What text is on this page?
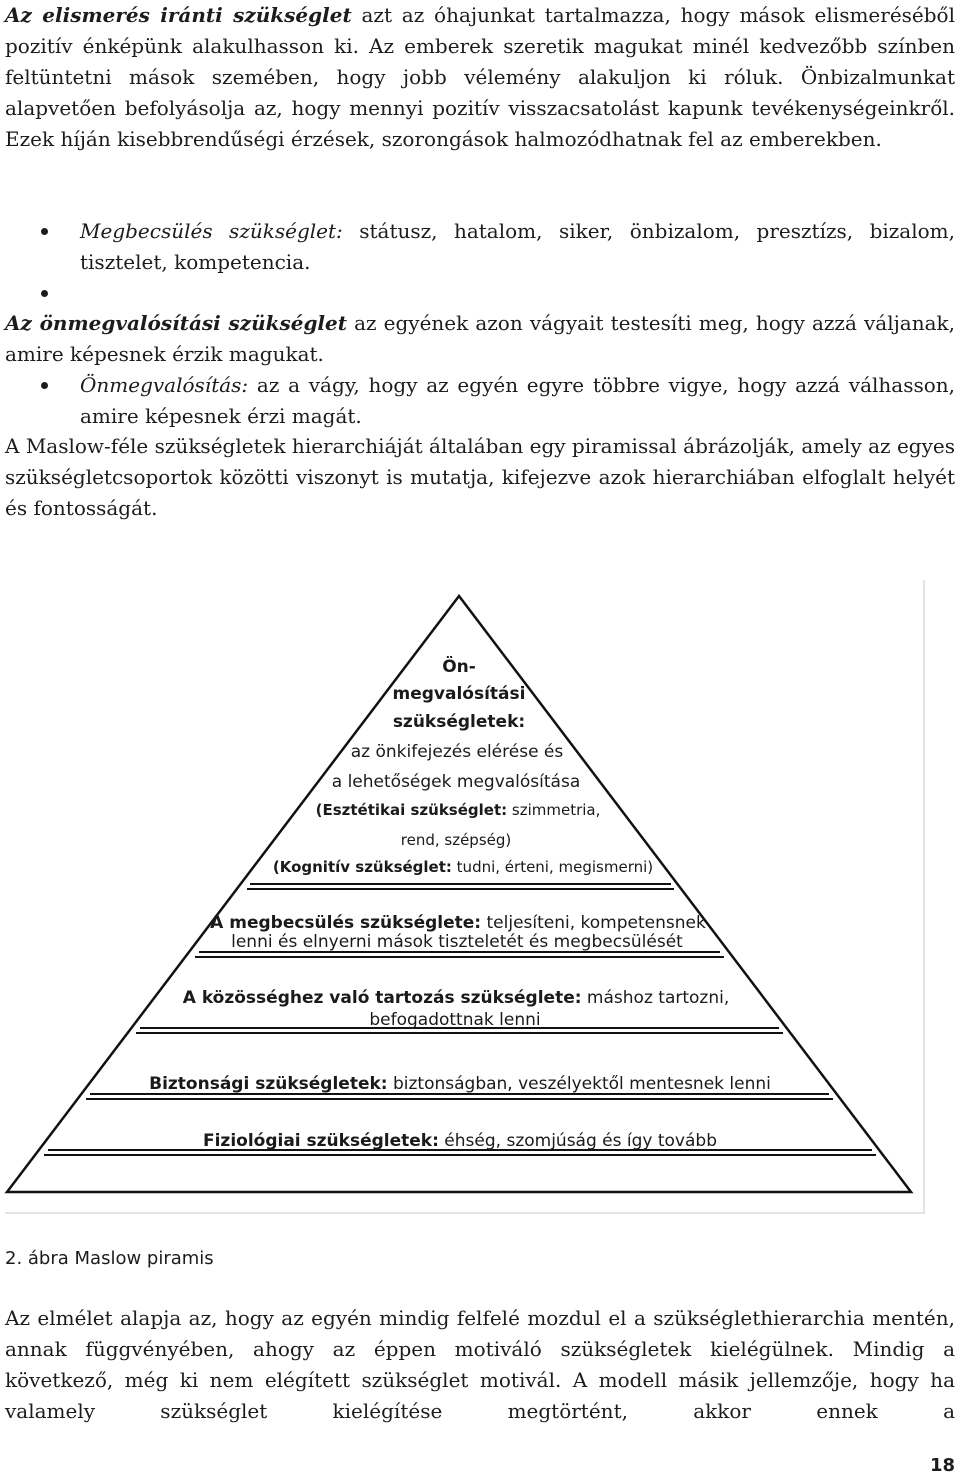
Az elismerés iránti szükséglet azt az óhajunkat tartalmazza, hogy mások elismeréséből pozitív énképünk alakulhasson ki. Az emberek szeretik magukat minél kedvezőbb színben feltüntetni mások szemében, hogy jobb vélemény alakuljon ki róluk. Önbizalmunkat alapvetően befolyásolja az, hogy mennyi pozitív visszacsatolást kapunk tevékenységeinkről. Ezek híján kisebbrendűségi érzések, szorongások halmozódhatnak fel az emberekben.

Megbecsülés szükséglet: státusz, hatalom, siker, önbizalom, presztízs, bizalom, tisztelet, kompetencia.

Az önmegvalósítási szükséglet az egyének azon vágyait testesíti meg, hogy azzá váljanak, amire képesnek érzik magukat.

Önmegvalósítás: az a vágy, hogy az egyén egyre többre vigye, hogy azzá válhasson, amire képesnek érzi magát.

A Maslow-féle szükségletek hierarchiáját általában egy piramissal ábrázolják, amely az egyes szükségletcsoportok közötti viszonyt is mutatja, kifejezve azok hierarchiában elfoglalt helyét és fontosságát.

Ön-
megvalósítási
szükségletek:
az önkifejezés elérése és
a lehetőségek megvalósítása
(Esztétikai szükséglet: szimmetria,
rend, szépség)
(Kognitív szükséglet: tudni, érteni, megismerni)
A megbecsülés szükséglete: teljesíteni, kompetensnek
lenni és elnyerni mások tiszteletét és megbecsülését
A közösséghez való tartozás szükséglete: máshoz tartozni,
befogadottnak lenni
Biztonsági szükségletek: biztonságban, veszélyektől mentesnek lenni
Fiziológiai szükségletek: éhség, szomjúság és így tovább
2. ábra Maslow piramis

Az elmélet alapja az, hogy az egyén mindig felfelé mozdul el a szükséglethierarchia mentén, annak függvényében, ahogy az éppen motiváló szükségletek kielégülnek. Mindig a következő, még ki nem elégített szükséglet motivál. A modell másik jellemzője, hogy ha valamely szükséglet kielégítése megtörtént, akkor ennek a

18
